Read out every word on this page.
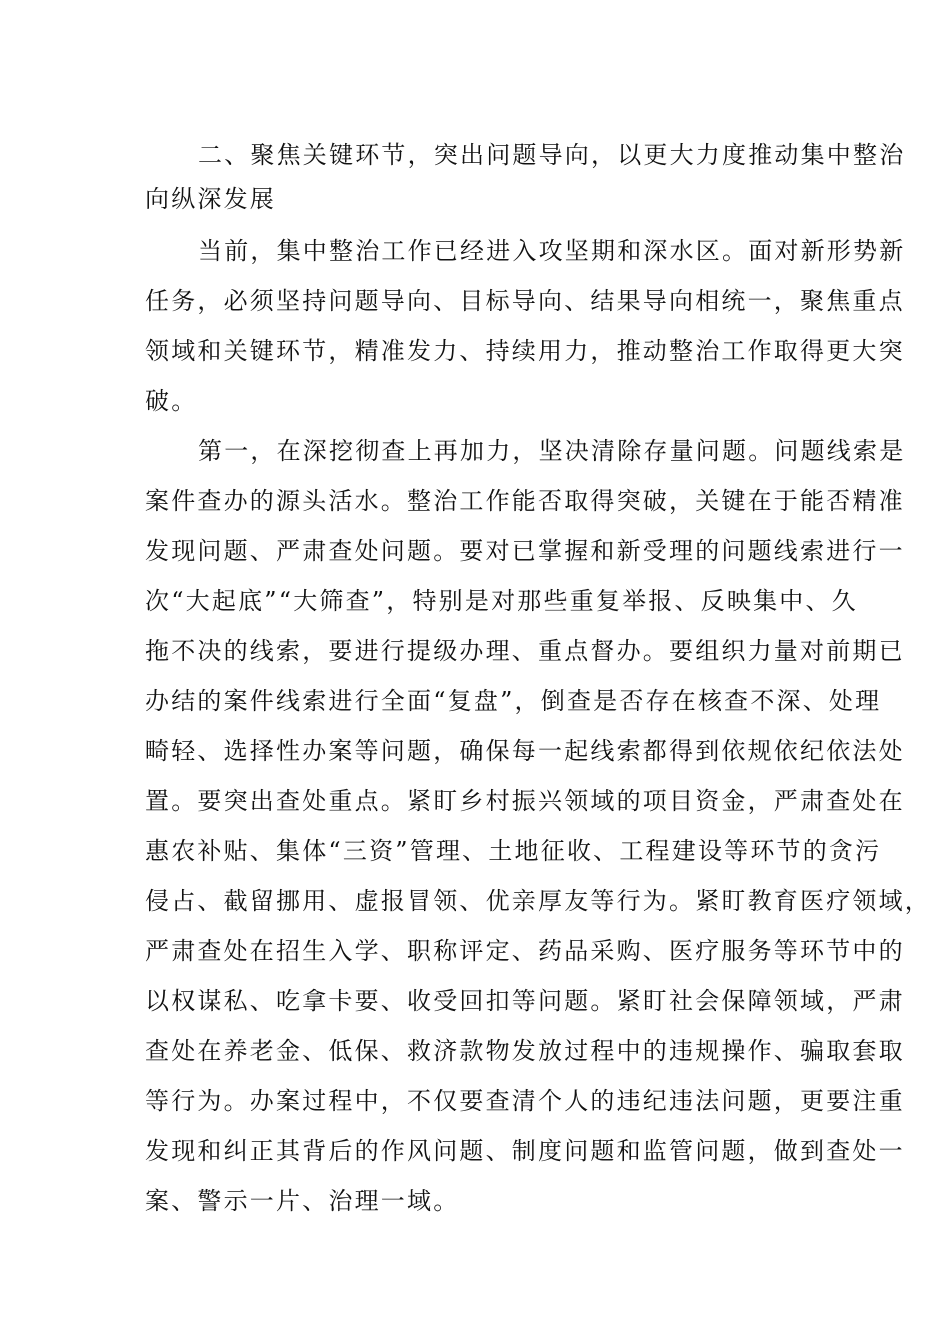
二、聚焦关键环节，突出问题导向，以更大力度推动集中整治
向纵深发展
当前，集中整治工作已经进入攻坚期和深水区。面对新形势新
任务，必须坚持问题导向、目标导向、结果导向相统一，聚焦重点
领域和关键环节，精准发力、持续用力，推动整治工作取得更大突
破。
第一，在深挖彻查上再加力，坚决清除存量问题。问题线索是
案件查办的源头活水。整治工作能否取得突破，关键在于能否精准
发现问题、严肃查处问题。要对已掌握和新受理的问题线索进行一
次“大起底”“大筛查”，特别是对那些重复举报、反映集中、久
拖不决的线索，要进行提级办理、重点督办。要组织力量对前期已
办结的案件线索进行全面“复盘”，倒查是否存在核查不深、处理
畸轻、选择性办案等问题，确保每一起线索都得到依规依纪依法处
置。要突出查处重点。紧盯乡村振兴领域的项目资金，严肃查处在
惠农补贴、集体“三资”管理、土地征收、工程建设等环节的贪污
侵占、截留挪用、虚报冒领、优亲厚友等行为。紧盯教育医疗领域，
严肃查处在招生入学、职称评定、药品采购、医疗服务等环节中的
以权谋私、吃拿卡要、收受回扣等问题。紧盯社会保障领域，严肃
查处在养老金、低保、救济款物发放过程中的违规操作、骗取套取
等行为。办案过程中，不仅要查清个人的违纪违法问题，更要注重
发现和纠正其背后的作风问题、制度问题和监管问题，做到查处一
案、警示一片、治理一域。
